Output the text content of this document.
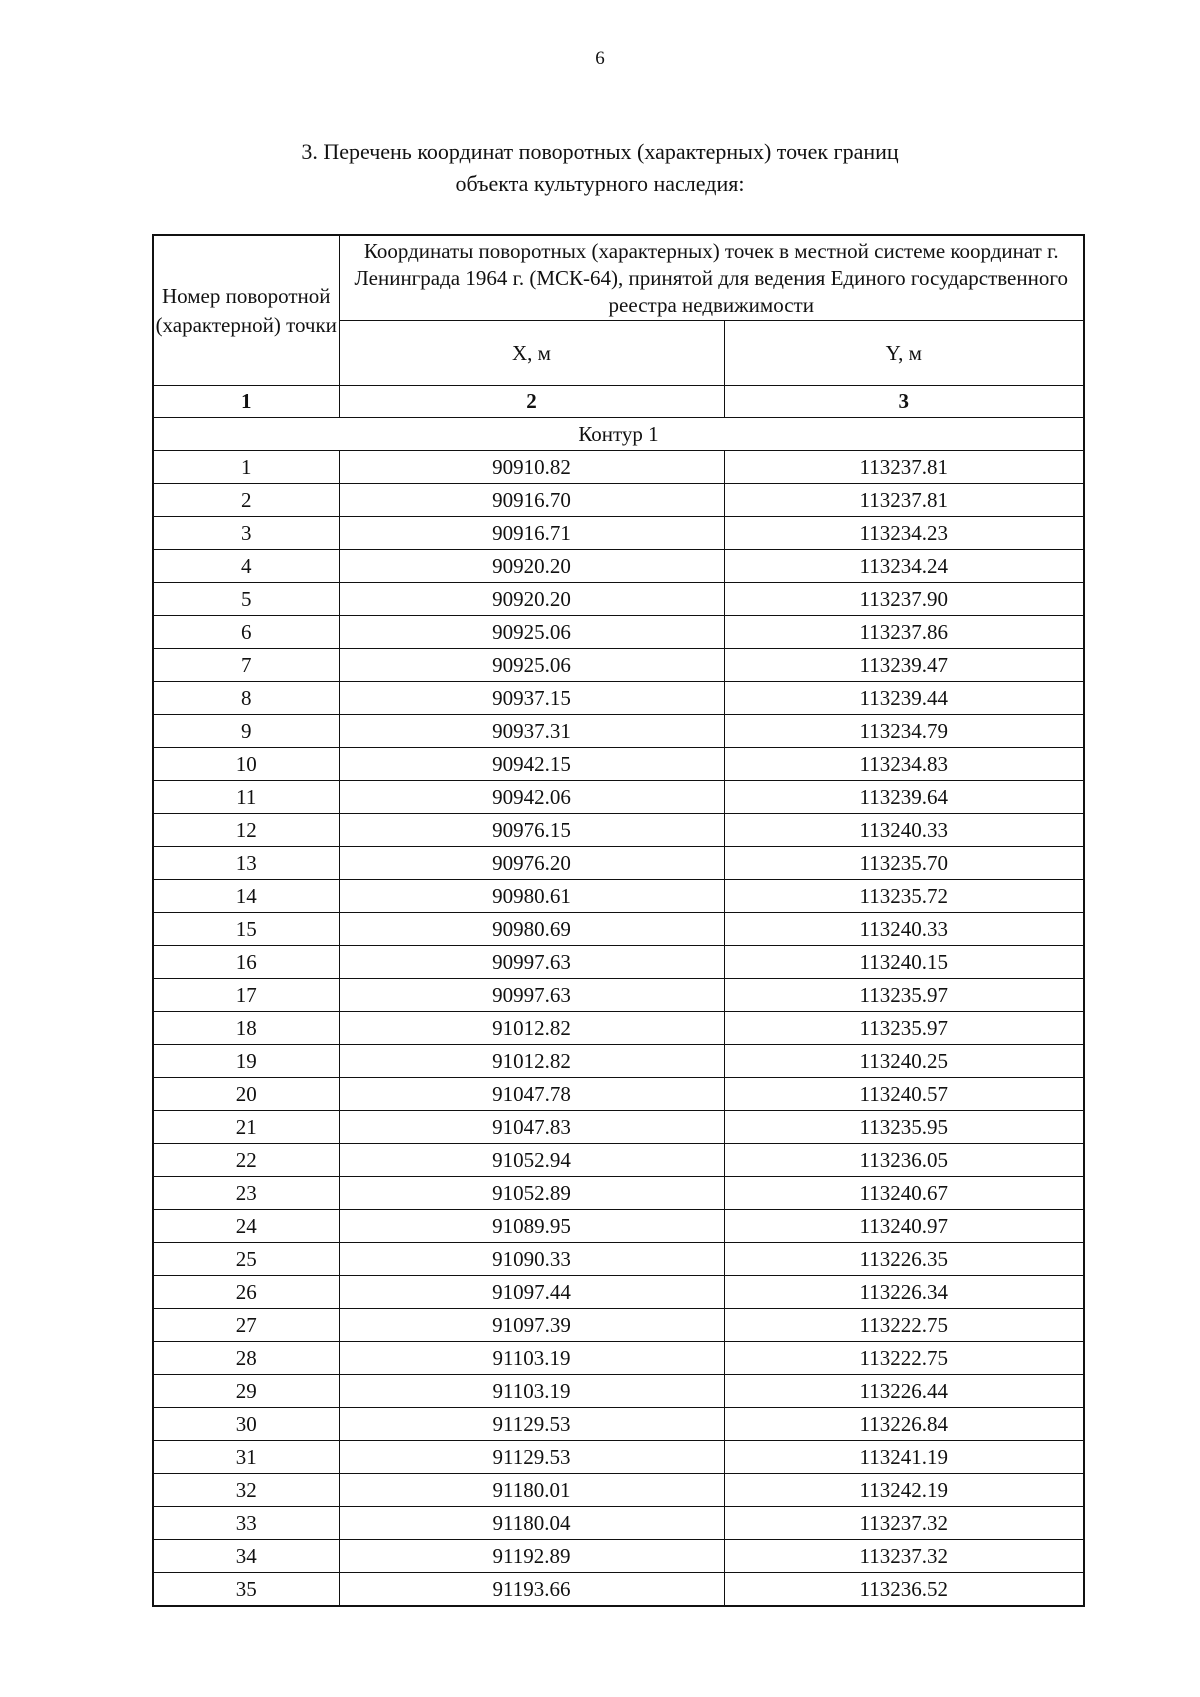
6
3. Перечень координат поворотных (характерных) точек границ
объекта культурного наследия:
Номер поворотной (характерной) точки	Координаты поворотных (характерных) точек в местной системе координат г. Ленинграда 1964 г. (МСК-64), принятой для ведения Единого государственного реестра недвижимости	
	X, м	Y, м
1	2	3
Контур 1		
1	90910.82	113237.81
2	90916.70	113237.81
3	90916.71	113234.23
4	90920.20	113234.24
5	90920.20	113237.90
6	90925.06	113237.86
7	90925.06	113239.47
8	90937.15	113239.44
9	90937.31	113234.79
10	90942.15	113234.83
11	90942.06	113239.64
12	90976.15	113240.33
13	90976.20	113235.70
14	90980.61	113235.72
15	90980.69	113240.33
16	90997.63	113240.15
17	90997.63	113235.97
18	91012.82	113235.97
19	91012.82	113240.25
20	91047.78	113240.57
21	91047.83	113235.95
22	91052.94	113236.05
23	91052.89	113240.67
24	91089.95	113240.97
25	91090.33	113226.35
26	91097.44	113226.34
27	91097.39	113222.75
28	91103.19	113222.75
29	91103.19	113226.44
30	91129.53	113226.84
31	91129.53	113241.19
32	91180.01	113242.19
33	91180.04	113237.32
34	91192.89	113237.32
35	91193.66	113236.52
